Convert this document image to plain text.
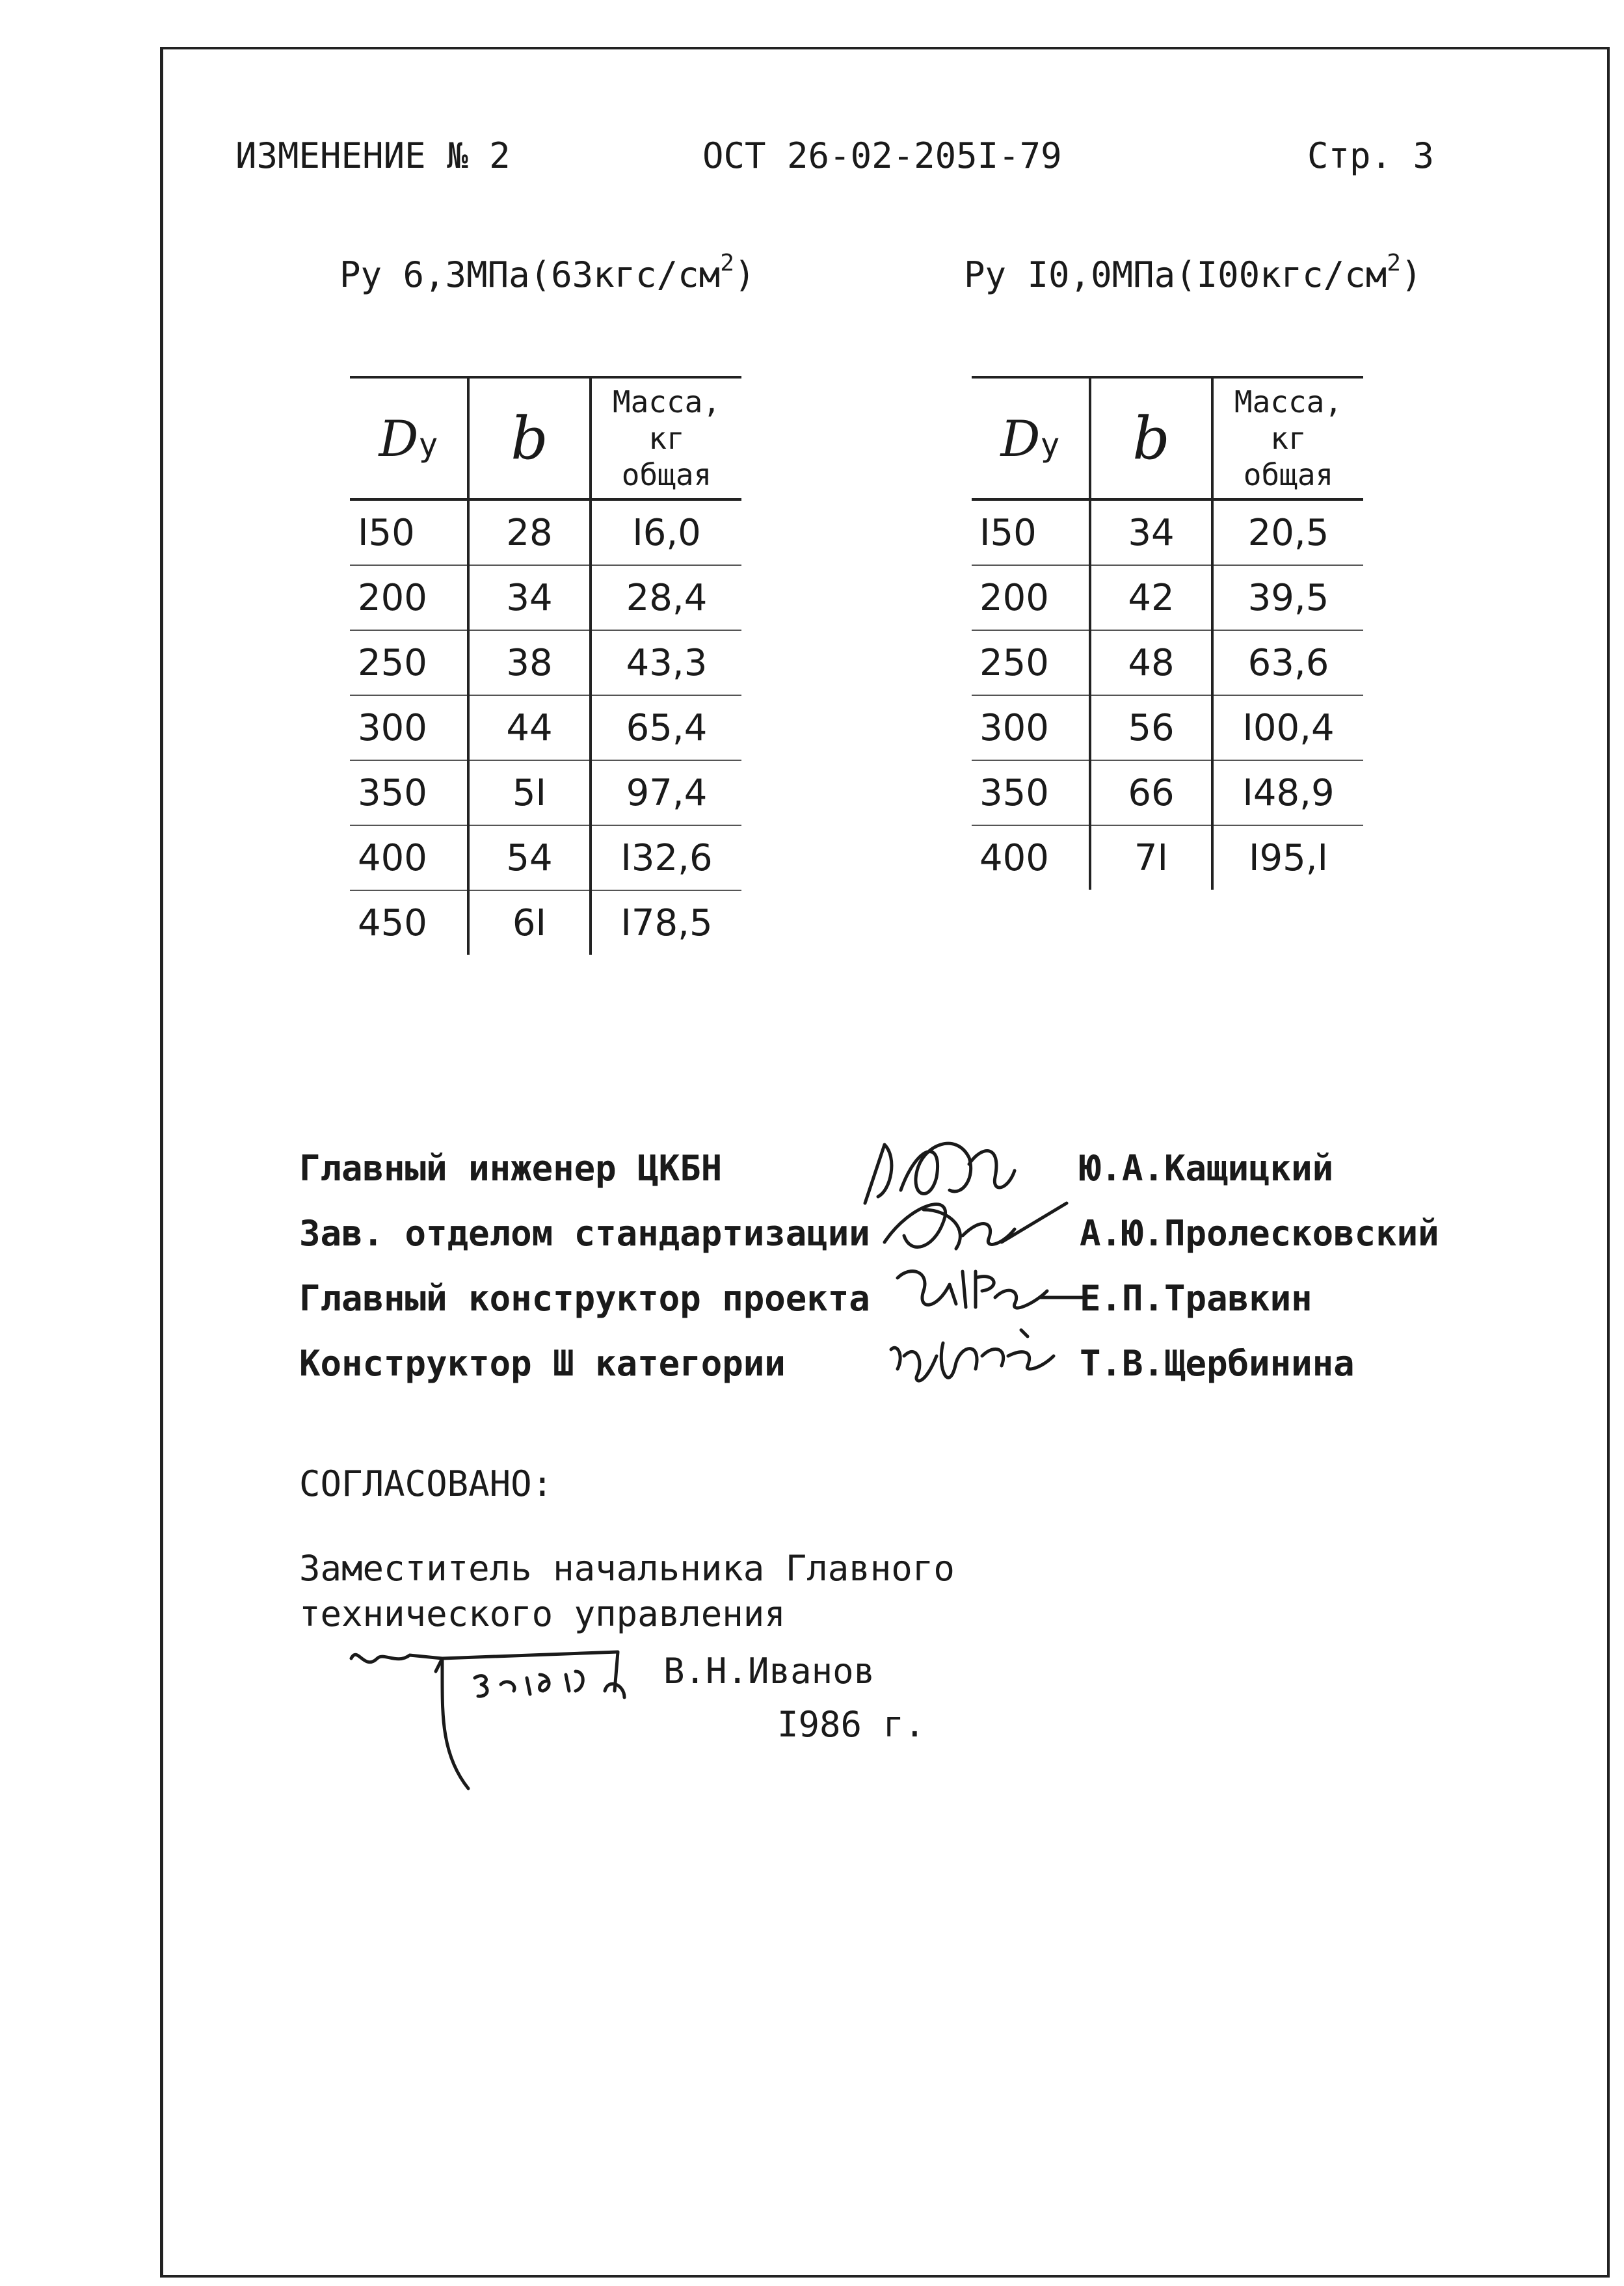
ИЗМЕНЕНИЕ № 2	ОСТ 26-02-205I-79	Стр. 3
Ру $6,3МПа(63кгс/см^2)$	Ру $I0,0МПа(I00кгс/см^2)$
Dу	b	Масса,
кг
общая

I50	28	I6,0
200	34	28,4
250	38	43,3
300	44	65,4
350	5I	97,4
400	54	I32,6
450	6I	I78,5
Dу	b	Масса,
кг
общая

I50	34	20,5
200	42	39,5
250	48	63,6
300	56	I00,4
350	66	I48,9
400	7I	I95,I
Главный инженер ЦКБН
Зав. отделом стандартизации
Главный конструктор проекта
Конструктор Ш категории
Ю.А.Кащицкий
А.Ю.Пролесковский
Е.П.Травкин
Т.В.Щербинина
СОГЛАСОВАНО:
Заместитель начальника Главного
технического управления
В.Н.Иванов
I986 г.
